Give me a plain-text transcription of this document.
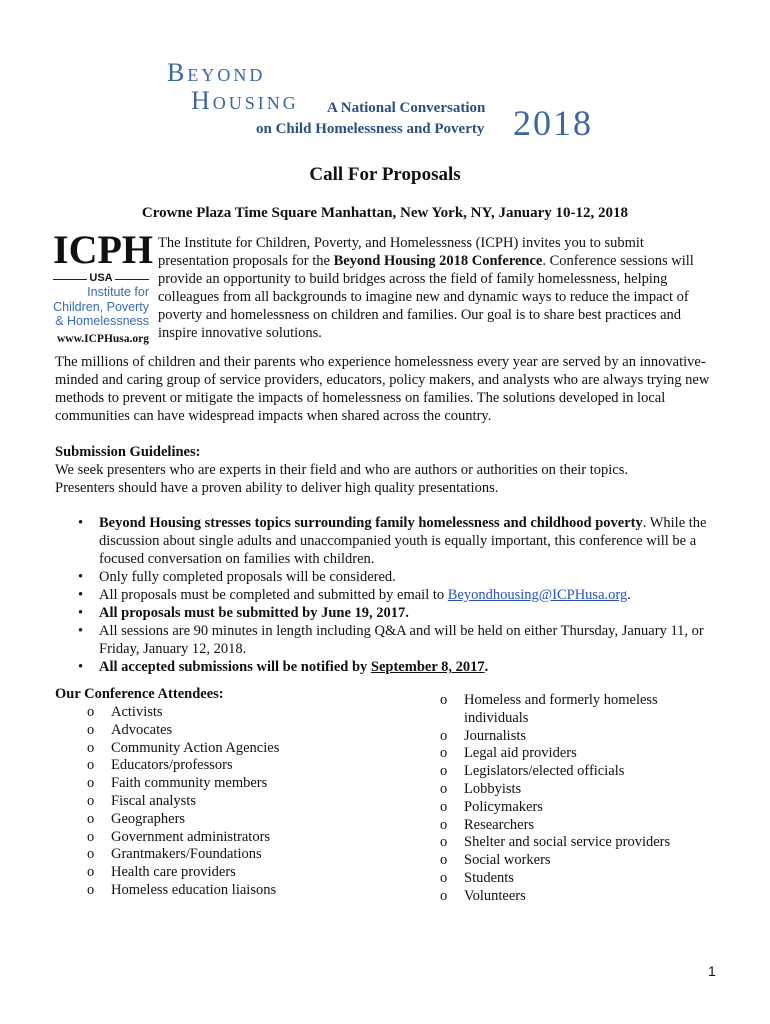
Beyond
Housing A National Conversation
on Child Homelessness and Poverty 2018
Call For Proposals
Crowne Plaza Time Square Manhattan, New York, NY, January 10-12, 2018
ICPH
USA
Institute for
Children, Poverty
& Homelessness
www.ICPHusa.org

The Institute for Children, Poverty, and Homelessness (ICPH) invites you to submit presentation proposals for the Beyond Housing 2018 Conference. Conference sessions will provide an opportunity to build bridges across the field of family homelessness, helping colleagues from all backgrounds to imagine new and dynamic ways to reduce the impact of poverty and homelessness on children and families. Our goal is to share best practices and inspire innovative solutions.

The millions of children and their parents who experience homelessness every year are served by an innovative-minded and caring group of service providers, educators, policy makers, and analysts who are always trying new methods to prevent or mitigate the impacts of homelessness on families. The solutions developed in local communities can have widespread impacts when shared across the country.

Submission Guidelines:
We seek presenters who are experts in their field and who are authors or authorities on their topics.
Presenters should have a proven ability to deliver high quality presentations.
• Beyond Housing stresses topics surrounding family homelessness and childhood poverty. While the discussion about single adults and unaccompanied youth is equally important, this conference will be a focused conversation on families with children.
• Only fully completed proposals will be considered.
• All proposals must be completed and submitted by email to Beyondhousing@ICPHusa.org.
• All proposals must be submitted by June 19, 2017.
• All sessions are 90 minutes in length including Q&A and will be held on either Thursday, January 11, or Friday, January 12, 2018.
• All accepted submissions will be notified by September 8, 2017.
Our Conference Attendees:
o Activists
o Advocates
o Community Action Agencies
o Educators/professors
o Faith community members
o Fiscal analysts
o Geographers
o Government administrators
o Grantmakers/Foundations
o Health care providers
o Homeless education liaisons
o Homeless and formerly homeless individuals
o Journalists
o Legal aid providers
o Legislators/elected officials
o Lobbyists
o Policymakers
o Researchers
o Shelter and social service providers
o Social workers
o Students
o Volunteers
1
